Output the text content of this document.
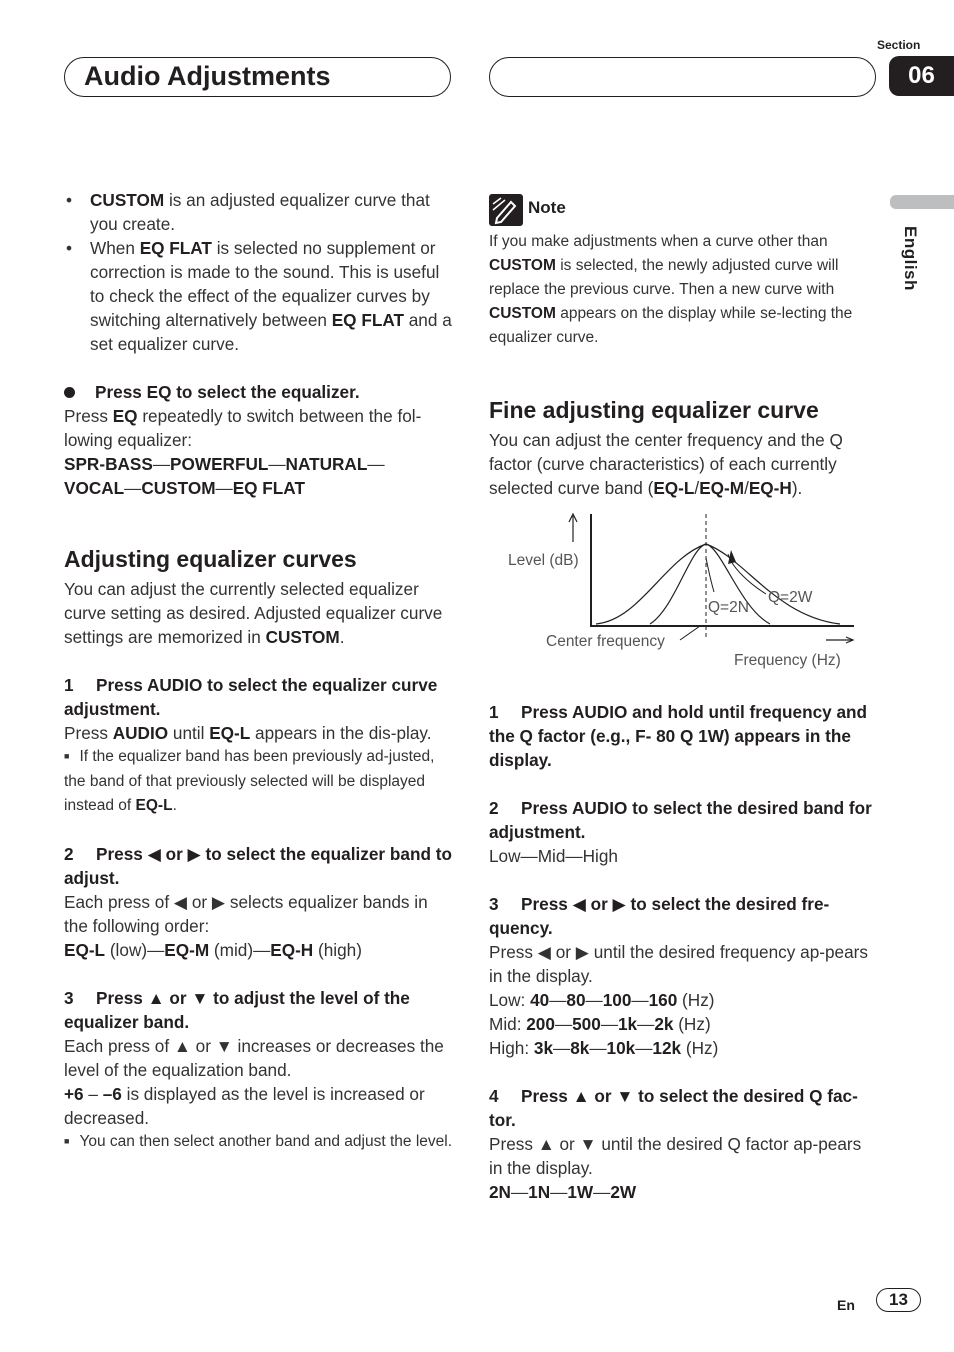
Audio Adjustments
Section
06
English
• CUSTOM is an adjusted equalizer curve that you create.
• When EQ FLAT is selected no supplement or correction is made to the sound. This is useful to check the effect of the equalizer curves by switching alternatively between EQ FLAT and a set equalizer curve.

Press EQ to select the equalizer.

Press EQ repeatedly to switch between the fol-lowing equalizer:

SPR-BASS—POWERFUL—NATURAL—
VOCAL—CUSTOM—EQ FLAT

Adjusting equalizer curves

You can adjust the currently selected equalizer curve setting as desired. Adjusted equalizer curve settings are memorized in CUSTOM.

1 Press AUDIO to select the equalizer curve adjustment.

Press AUDIO until EQ-L appears in the dis-play.

■ If the equalizer band has been previously ad-justed, the band of that previously selected will be displayed instead of EQ-L.

2 Press ◀ or ▶ to select the equalizer band to adjust.

Each press of ◀ or ▶ selects equalizer bands in the following order:

EQ-L (low)—EQ-M (mid)—EQ-H (high)

3 Press ▲ or ▼ to adjust the level of the equalizer band.

Each press of ▲ or ▼ increases or decreases the level of the equalization band.

+6 – –6 is displayed as the level is increased or decreased.

■ You can then select another band and adjust the level.

Note

If you make adjustments when a curve other than CUSTOM is selected, the newly adjusted curve will replace the previous curve. Then a new curve with CUSTOM appears on the display while se-lecting the equalizer curve.

Fine adjusting equalizer curve

You can adjust the center frequency and the Q factor (curve characteristics) of each currently selected curve band (EQ-L/EQ-M/EQ-H).

Level (dB)
Q=2N
Q=2W
Center frequency
Frequency (Hz)

1 Press AUDIO and hold until frequency and the Q factor (e.g., F- 80 Q 1W) appears in the display.

2 Press AUDIO to select the desired band for adjustment.

Low—Mid—High

3 Press ◀ or ▶ to select the desired fre-quency.

Press ◀ or ▶ until the desired frequency ap-pears in the display.

Low: 40—80—100—160 (Hz)

Mid: 200—500—1k—2k (Hz)

High: 3k—8k—10k—12k (Hz)

4 Press ▲ or ▼ to select the desired Q fac-tor.

Press ▲ or ▼ until the desired Q factor ap-pears in the display.

2N—1N—1W—2W

En	13
